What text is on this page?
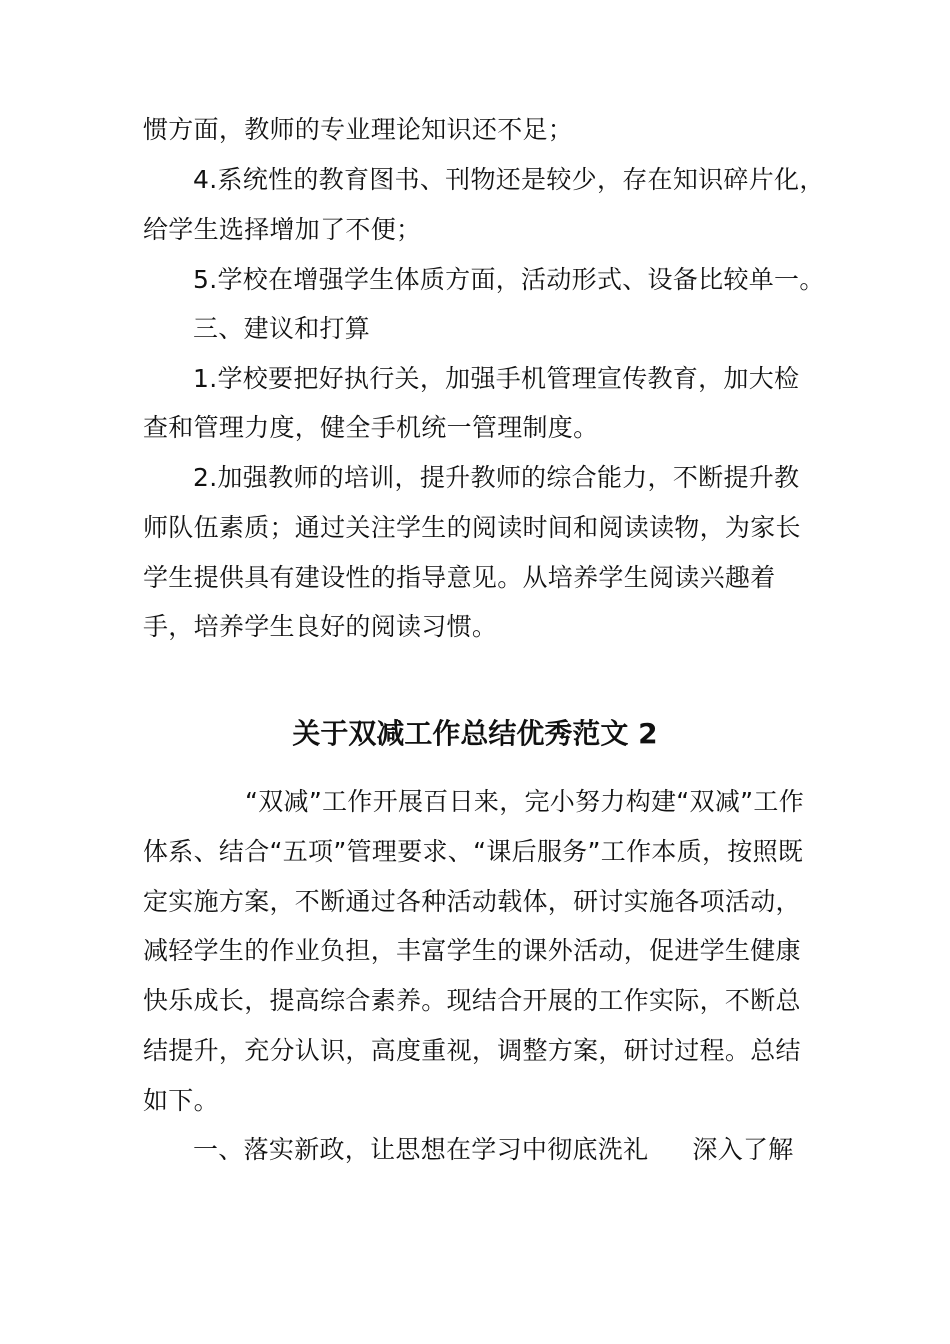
惯方面，教师的专业理论知识还不足；
4.系统性的教育图书、刊物还是较少，存在知识碎片化，
给学生选择增加了不便；
5.学校在增强学生体质方面，活动形式、设备比较单一。
三、建议和打算
1.学校要把好执行关，加强手机管理宣传教育，加大检
查和管理力度，健全手机统一管理制度。
2.加强教师的培训，提升教师的综合能力，不断提升教
师队伍素质；通过关注学生的阅读时间和阅读读物，为家长
学生提供具有建设性的指导意见。从培养学生阅读兴趣着
手，培养学生良好的阅读习惯。
关于双减工作总结优秀范文 2
“双减”工作开展百日来，完小努力构建“双减”工作
体系、结合“五项”管理要求、“课后服务”工作本质，按照既
定实施方案，不断通过各种活动载体，研讨实施各项活动，
减轻学生的作业负担，丰富学生的课外活动，促进学生健康
快乐成长，提高综合素养。现结合开展的工作实际，不断总
结提升，充分认识，高度重视，调整方案，研讨过程。总结
如下。
一、落实新政，让思想在学习中彻底洗礼 深入了解
